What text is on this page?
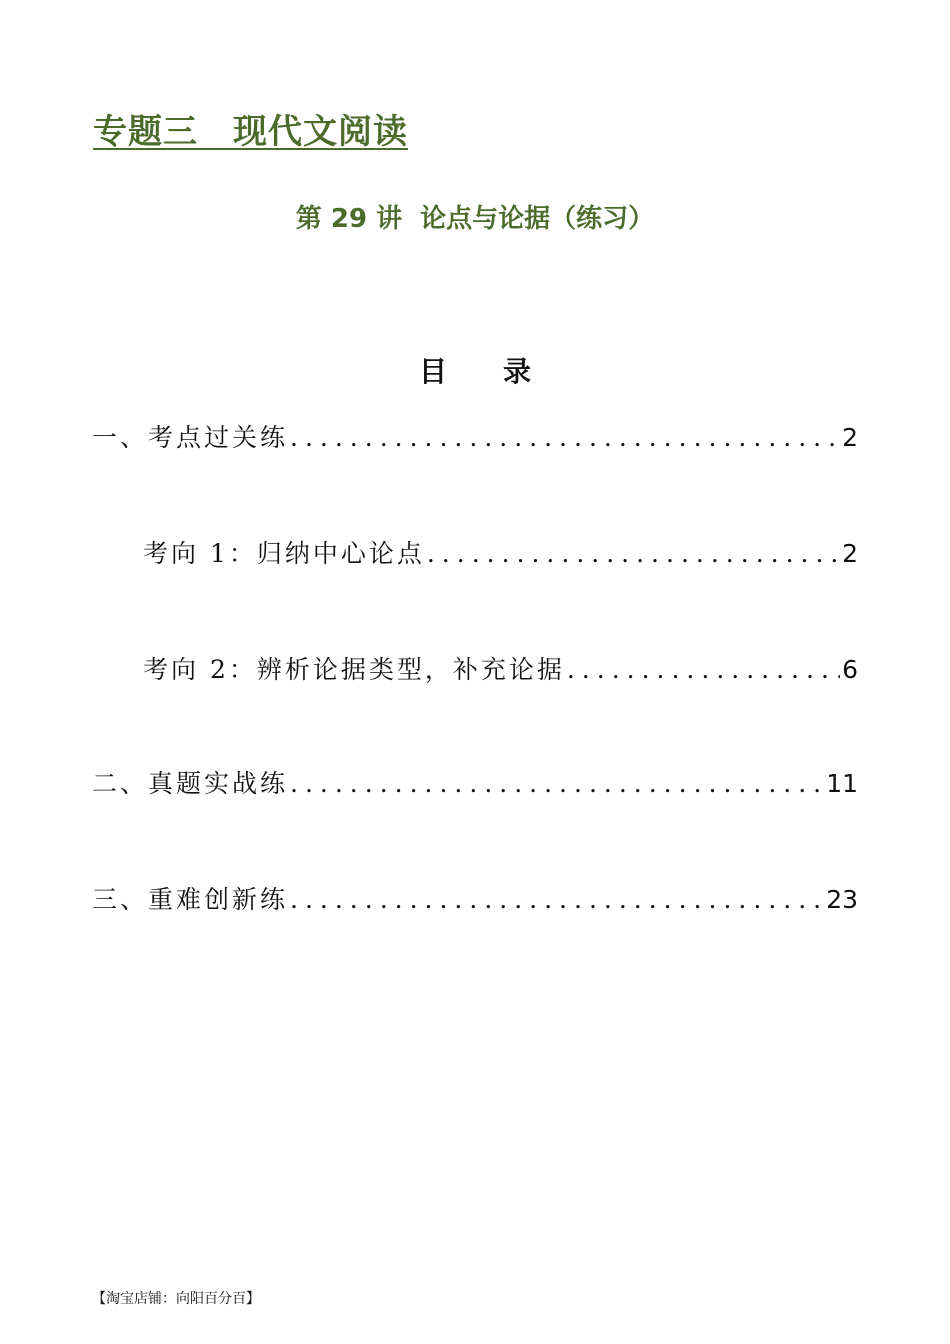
专题三　现代文阅读
第 29 讲  论点与论据（练习）
目录
一、考点过关练 .....	2
考向 1：归纳中心论点 .....	2
考向 2：辨析论据类型，补充论据 .....	6
二、真题实战练 .....	11
三、重难创新练 .....	23
【淘宝店铺：向阳百分百】
